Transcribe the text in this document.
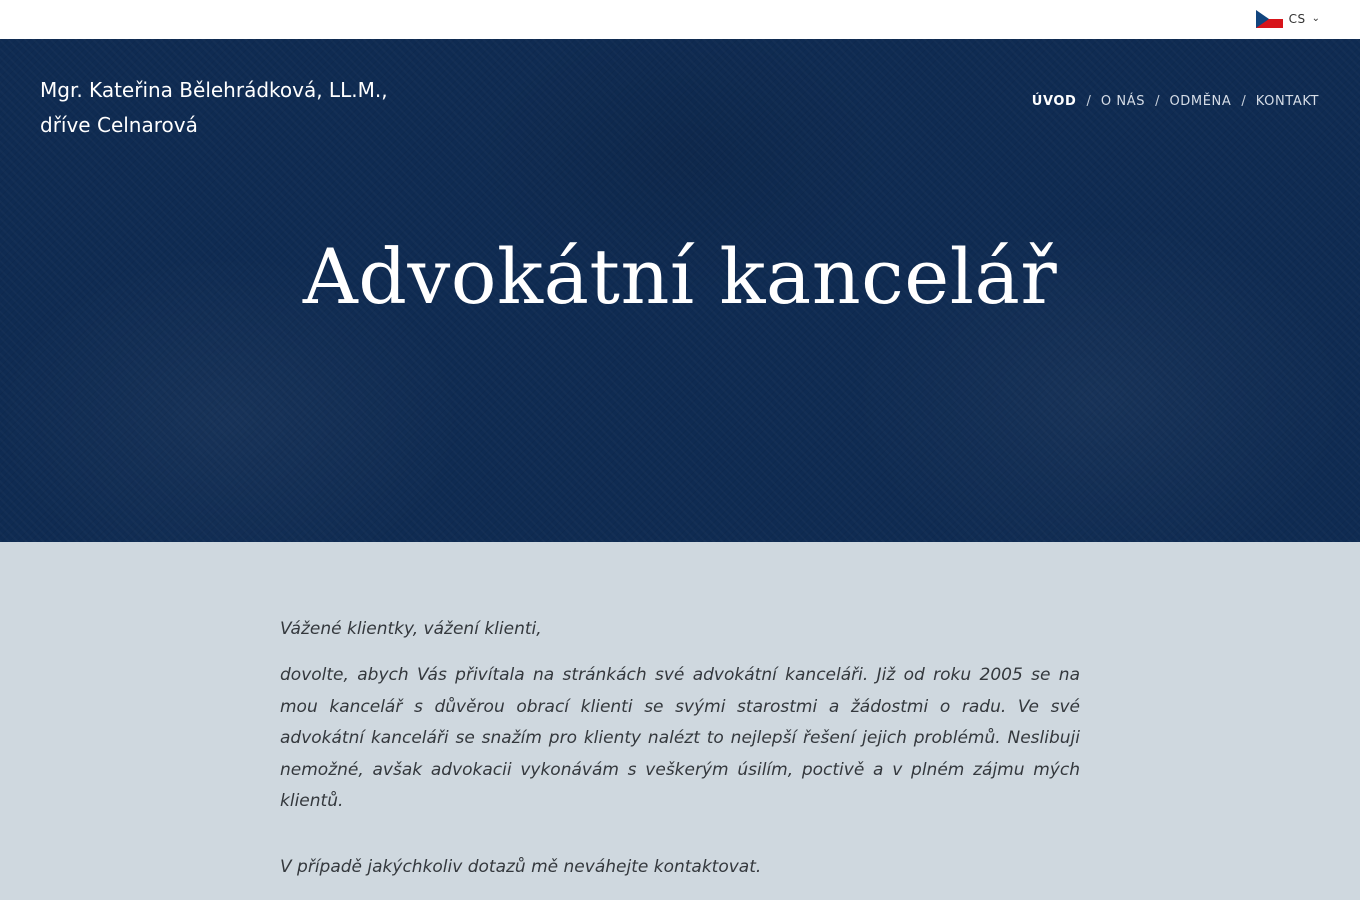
CS ⌄
Mgr. Kateřina Bělehrádková, LL.M.,
dříve Celnarová
ÚVOD / O NÁS / ODMĚNA / KONTAKT
Advokátní kancelář

Vážené klientky, vážení klienti,

dovolte, abych Vás přivítala na stránkách své advokátní kanceláři. Již od roku 2005 se na mou kancelář s důvěrou obrací klienti se svými starostmi a žádostmi o radu. Ve své advokátní kanceláři se snažím pro klienty nalézt to nejlepší řešení jejich problémů. Neslibuji nemožné, avšak advokacii vykonávám s veškerým úsilím, poctivě a v plném zájmu mých klientů.

V případě jakýchkoliv dotazů mě neváhejte kontaktovat.
